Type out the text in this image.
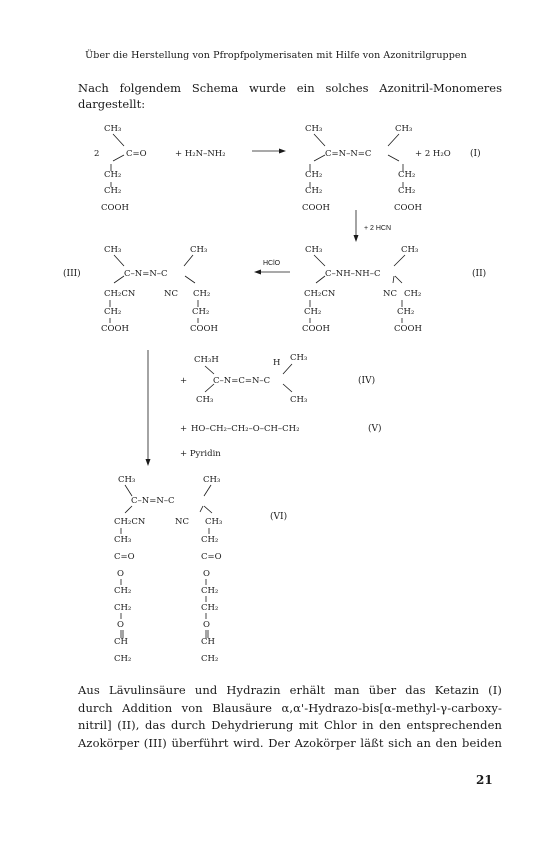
Über die Herstellung von Pfropfpolymerisaten mit Hilfe von Azonitrilgruppen
Nach folgendem Schema wurde ein solches Azonitril-Monomeres dargestellt:
2
CH₃
C=O
CH₂
CH₂
COOH
+ H₂N–NH₂
CH₃	CH₃
C=N–N=C	+ 2 H₂O (I)
CH₂	CH₂
CH₂	CH₂
COOH	COOH
+ 2 HCN
CH₃	CH₃
C–NH–NH–C	(II)
CH₂CN	NC CH₂
CH₂	CH₂
COOH	COOH
HClO
(III)
CH₃	CH₃
C–N=N–C
CH₂CN	NC CH₂
CH₂	CH₂
COOH	COOH
CH₃H	H CH₃
+	C–N=C=N–C	(IV)
CH₃	CH₃
+ HO–CH₂–CH₂–O–CH–CH₂	(V)
+ Pyridin
CH₃	CH₃
C–N=N–C
(VI)
CH₂CN	NC CH₃
CH₃	CH₂
C=O	C=O
O	O
CH₂	CH₂
CH₂	CH₂
O	O
CH	CH
CH₂	CH₂
Aus Lävulinsäure und Hydrazin erhält man über das Ketazin (I)
durch Addition von Blausäure α,α'-Hydrazo-bis[α-methyl-γ-carboxy-
nitril] (II), das durch Dehydrierung mit Chlor in den entsprechenden
Azokörper (III) überführt wird. Der Azokörper läßt sich an den beiden
21
